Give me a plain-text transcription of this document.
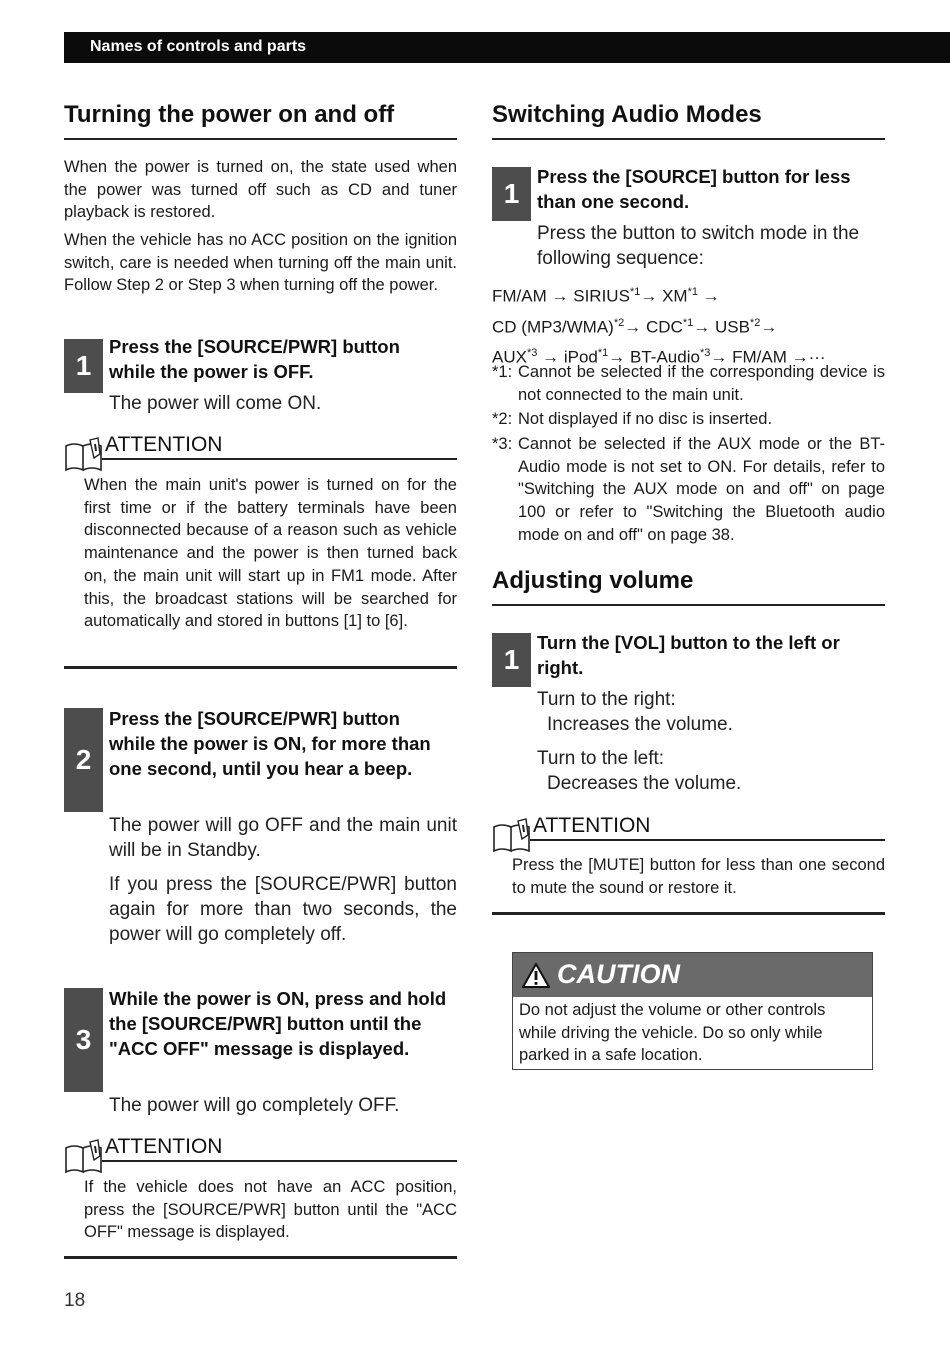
Names of controls and parts
Turning the power on and off

When the power is turned on, the state used when the power was turned off such as CD and tuner playback is restored.

When the vehicle has no ACC position on the ignition switch, care is needed when turning off the main unit. Follow Step 2 or Step 3 when turning off the power.

1
Press the [SOURCE/PWR] button while the power is OFF.
The power will come ON.
ATTENTION

When the main unit's power is turned on for the first time or if the battery terminals have been disconnected because of a reason such as vehicle maintenance and the power is then turned back on, the main unit will start up in FM1 mode. After this, the broadcast stations will be searched for automatically and stored in buttons [1] to [6].

2
Press the [SOURCE/PWR] button while the power is ON, for more than one second, until you hear a beep.
The power will go OFF and the main unit will be in Standby.
If you press the [SOURCE/PWR] button again for more than two seconds, the power will go completely off.
3
While the power is ON, press and hold the [SOURCE/PWR] button until the "ACC OFF" message is displayed.
The power will go completely OFF.
ATTENTION

If the vehicle does not have an ACC position, press the [SOURCE/PWR] button until the "ACC OFF" message is displayed.

Switching Audio Modes
1
Press the [SOURCE] button for less than one second.
Press the button to switch mode in the following sequence:
$FM/AM \to SIRIUS^{*1}\to XM^{*1}$ →
CD $(MP3/WMA)^{*2}\to CDC^{*1}\to USB^{*2}\to$
$AUX^{*3}$ → iPod$^{*1}$→ BT-Audio$^{*3}$→ FM/AM →···
*1: Cannot be selected if the corresponding device is not connected to the main unit.

*2: Not displayed if no disc is inserted.

*3: Cannot be selected if the AUX mode or the BT-Audio mode is not set to ON. For details, refer to "Switching the AUX mode on and off" on page 100 or refer to "Switching the Bluetooth audio mode on and off" on page 38.

Adjusting volume
1
Turn the [VOL] button to the left or right.
Turn to the right:
Increases the volume.
Turn to the left:
Decreases the volume.
ATTENTION

Press the [MUTE] button for less than one second to mute the sound or restore it.

CAUTION

Do not adjust the volume or other controls while driving the vehicle. Do so only while parked in a safe location.

18
